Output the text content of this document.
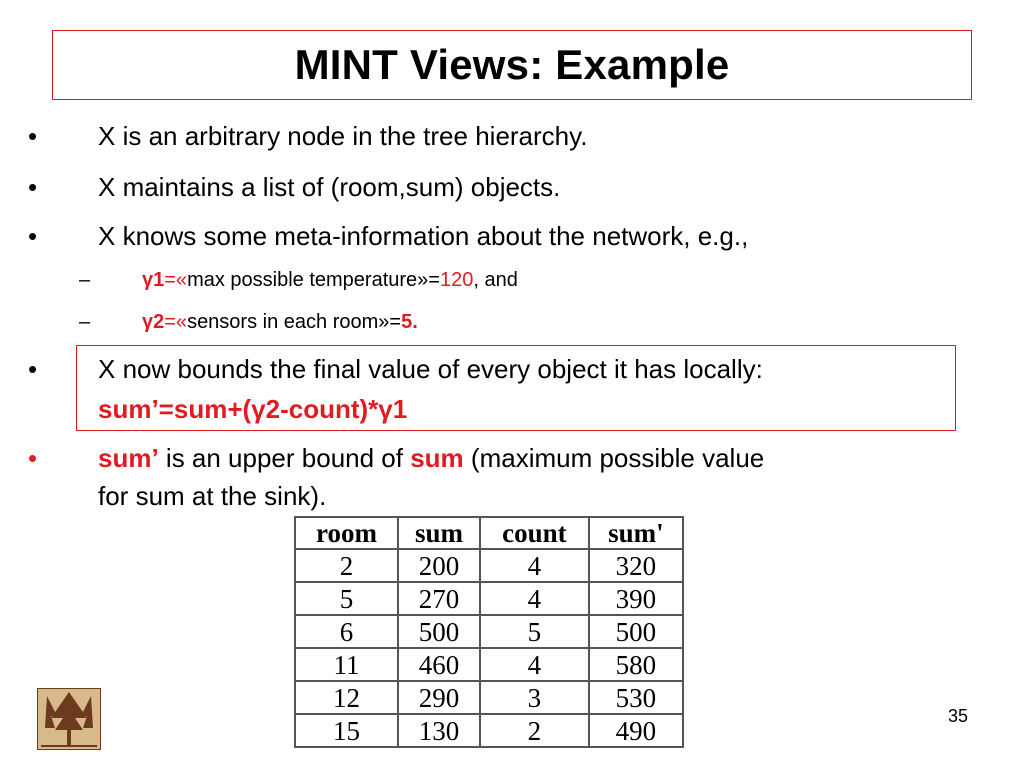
MINT Views: Example
• X is an arbitrary node in the tree hierarchy.
• X maintains a list of (room,sum) objects.
• X knows some meta-information about the network, e.g.,
–	γ1=«max possible temperature»=120, and
–	γ2=«sensors in each room»=5.
• X now bounds the final value of every object it has locally:
sum’=sum+(γ2-count)*γ1
• sum’ is an upper bound of sum (maximum possible value
for sum at the sink).
room	sum	count	sum'
2	200	4	320
5	270	4	390
6	500	5	500
11	460	4	580
12	290	3	530
15	130	2	490	35
